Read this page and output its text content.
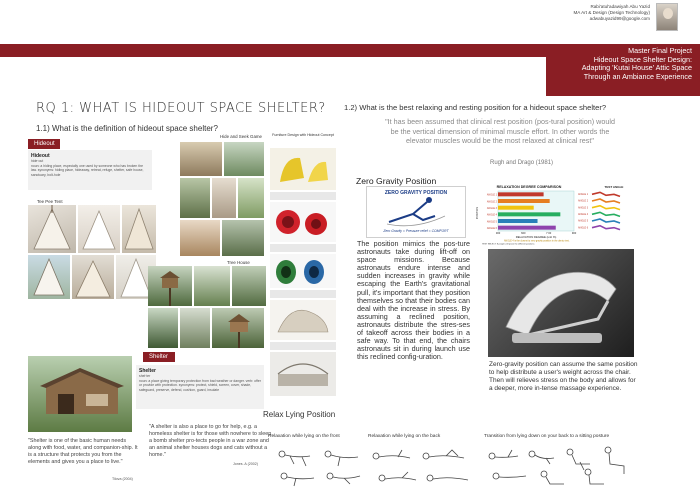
Rabi'atul'adawiyah Abu Yazid
MA Art & Design (Design Technology)
adwabuyazid99@google.com
Master Final Project
Hideout Space Shelter Design:
Adapting 'Kutai House' Attic Space
Through an Ambiance Experience
RQ 1: WHAT IS HIDEOUT SPACE SHELTER?
1.1) What is the definition of hideout space shelter?
Hideout
Hideout
hide·out
noun: a hiding place, especially one used by someone who has broken the law. synonyms: hiding place, hideaway, retreat, refuge, shelter, safe house, sanctuary, bolt-hole
Tee Pee Tent
Hide and Seek Game
Tree House
Shelter
Shelter
shel·ter
noun: a place giving temporary protection from bad weather or danger. verb: offer or provide with protection. synonyms: protect, shield, screen, cover, shade, safeguard, preserve, defend, cushion, guard, insulate
"Shelter is one of the basic human needs along with food, water, and companion-ship. It is a structure that protects you from the elements and gives you a place to live."
Tilova (2004)
"A shelter is also a place to go for help, e.g. a homeless shelter is for those with nowhere to sleep, a bomb shelter pro-tects people in a war zone and an animal shelter houses dogs and cats without a home."
Jones. A (2002)
Furniture Design with Hideout Concept
1.2) What is the best relaxing and resting position for a hideout space shelter?
"It has been assumed that clinical rest position (pos-tural position) would be the vertical dimension of minimal muscle effort. In other words the elevator muscles would be the most relaxed at clinical rest"
Rugh and Drago (1981)
Zero Gravity Position
ZERO GRAVITY POSITION
Zero Gravity = Pressure relief = COMFORT
The position mimics the pos-ture astronauts take during lift-off on space missions. Because astronauts endure intense and sudden increases in gravity while escaping the Earth's gravitational pull, it's important that they position themselves so that their bodies can deal with the increase in stress. By assuming a reclined position, astronauts distribute the stres-ses of takeoff across their bodies in a safe way. To that end, the chairs astronauts sit in during launch use this reclined config-uration.
RELAXATION DEGREE COMPARISON	TEST ANGLE
POSITION
ANGLE 1
ANGLE 2
ANGLE 3
ANGLE 4
ANGLE 5
ANGLE 6
300	600	7 00	900
RELAXATION DEGREE (unit %)
ANGLE 4 is the closest to zero gravity position in the dentry test.
TEST SELECT: 8 people will prove the different positions
ANGLE 1
ANGLE 2
ANGLE 3
ANGLE 4
ANGLE 5
ANGLE 6
Zero-gravity position can assume the same position to help distribute a user's weight across the chair. Then will relieves stress on the body and allows for a deeper, more in-tense massage experience.
Relax Lying Position
Relaxation while lying on the front	Relaxation while lying on the back	Transition from lying down on your back to a sitting posture
